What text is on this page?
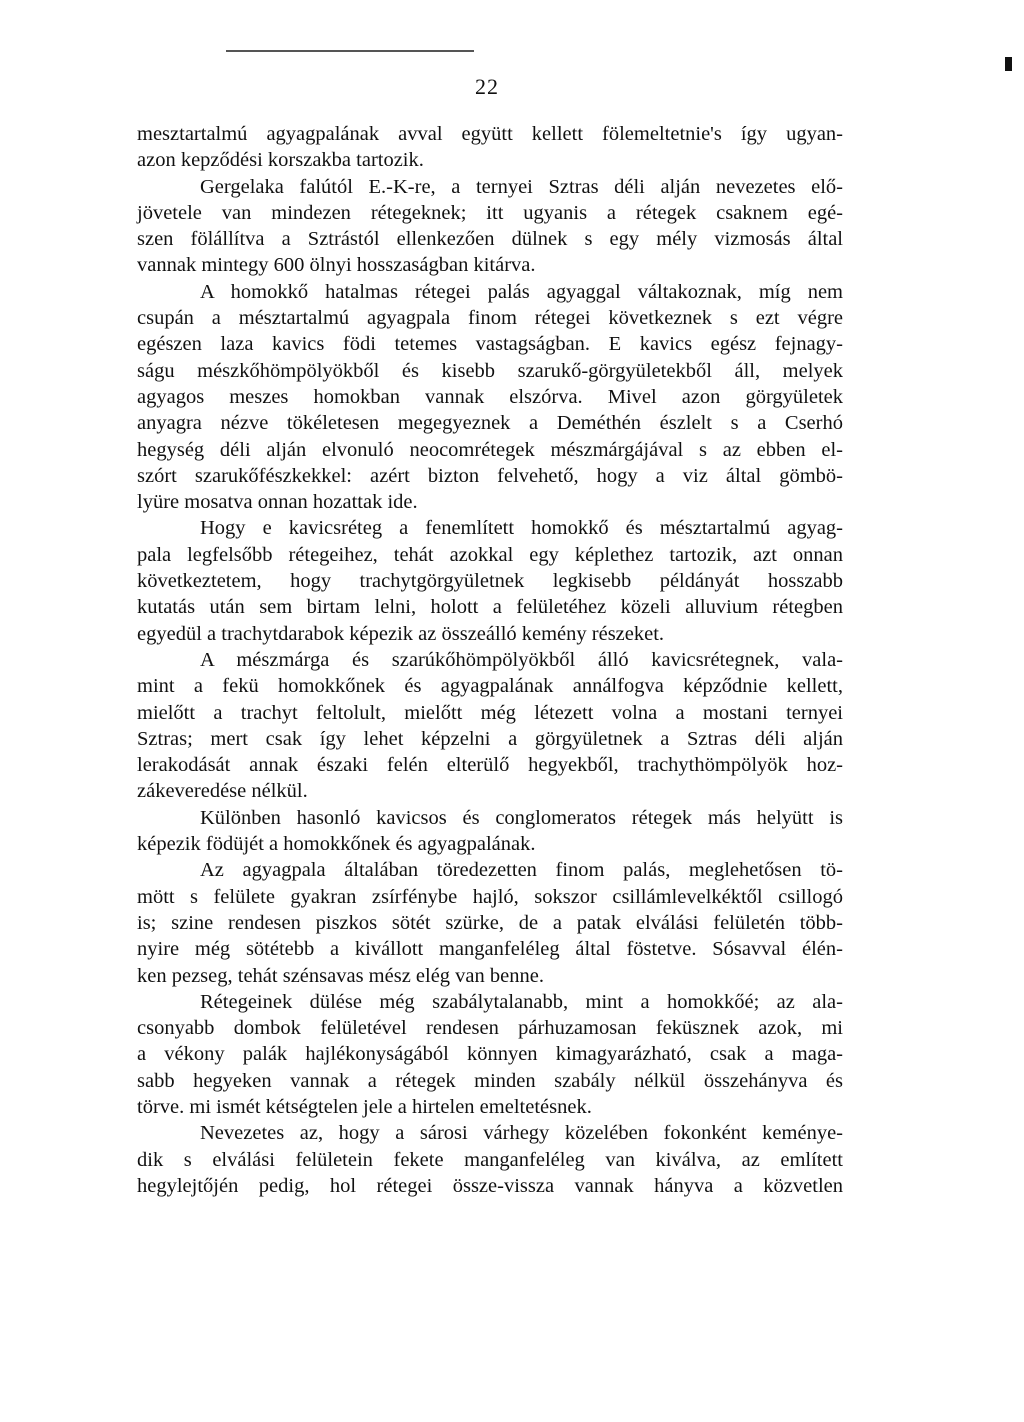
22
mesztartalmú agyagpalának avval együtt kellett fölemeltetnie's így ugyan-
azon kepződési korszakba tartozik.
Gergelaka falútól E.-K-re, a ternyei Sztras déli alján nevezetes elő-
jövetele van mindezen rétegeknek; itt ugyanis a rétegek csaknem egé-
szen fölállítva a Sztrástól ellenkezően dülnek s egy mély vizmosás által
vannak mintegy 600 ölnyi hosszaságban kitárva.
A homokkő hatalmas rétegei palás agyaggal váltakoznak, míg nem
csupán a mésztartalmú agyagpala finom rétegei következnek s ezt végre
egészen laza kavics födi tetemes vastagságban. E kavics egész fejnagy-
ságu mészkőhömpölyökből és kisebb szarukő-görgyületekből áll, melyek
agyagos meszes homokban vannak elszórva. Mivel azon görgyületek
anyagra nézve tökéletesen megegyeznek a Deméthén észlelt s a Cserhó
hegység déli alján elvonuló neocomrétegek mészmárgájával s az ebben el-
szórt szarukőfészkekkel: azért bizton felvehető, hogy a viz által gömbö-
lyüre mosatva onnan hozattak ide.
Hogy e kavicsréteg a fenemlített homokkő és mésztartalmú agyag-
pala legfelsőbb rétegeihez, tehát azokkal egy képlethez tartozik, azt onnan
következtetem, hogy trachytgörgyületnek legkisebb példányát hosszabb
kutatás után sem birtam lelni, holott a felületéhez közeli alluvium rétegben
egyedül a trachytdarabok képezik az összeálló kemény részeket.
A mészmárga és szarúkőhömpölyökből álló kavicsrétegnek, vala-
mint a fekü homokkőnek és agyagpalának annálfogva képződnie kellett,
mielőtt a trachyt feltolult, mielőtt még létezett volna a mostani ternyei
Sztras; mert csak így lehet képzelni a görgyületnek a Sztras déli alján
lerakodását annak északi felén elterülő hegyekből, trachythömpölyök hoz-
zákeveredése nélkül.
Különben hasonló kavicsos és conglomeratos rétegek más helyütt is
képezik födüjét a homokkőnek és agyagpalának.
Az agyagpala általában töredezetten finom palás, meglehetősen tö-
mött s felülete gyakran zsírfénybe hajló, sokszor csillámlevelkéktől csillogó
is; szine rendesen piszkos sötét szürke, de a patak elválási felületén több-
nyire még sötétebb a kivállott manganfeléleg által föstetve. Sósavval élén-
ken pezseg, tehát szénsavas mész elég van benne.
Rétegeinek dülése még szabálytalanabb, mint a homokkőé; az ala-
csonyabb dombok felületével rendesen párhuzamosan feküsznek azok, mi
a vékony palák hajlékonyságából könnyen kimagyarázható, csak a maga-
sabb hegyeken vannak a rétegek minden szabály nélkül összehányva és
törve. mi ismét kétségtelen jele a hirtelen emeltetésnek.
Nevezetes az, hogy a sárosi várhegy közelében fokonként keményе-
dik s elválási felületein fekete manganfeléleg van kiválva, az említett
hegylejtőjén pedig, hol rétegei össze-vissza vannak hányva a közvetlen
